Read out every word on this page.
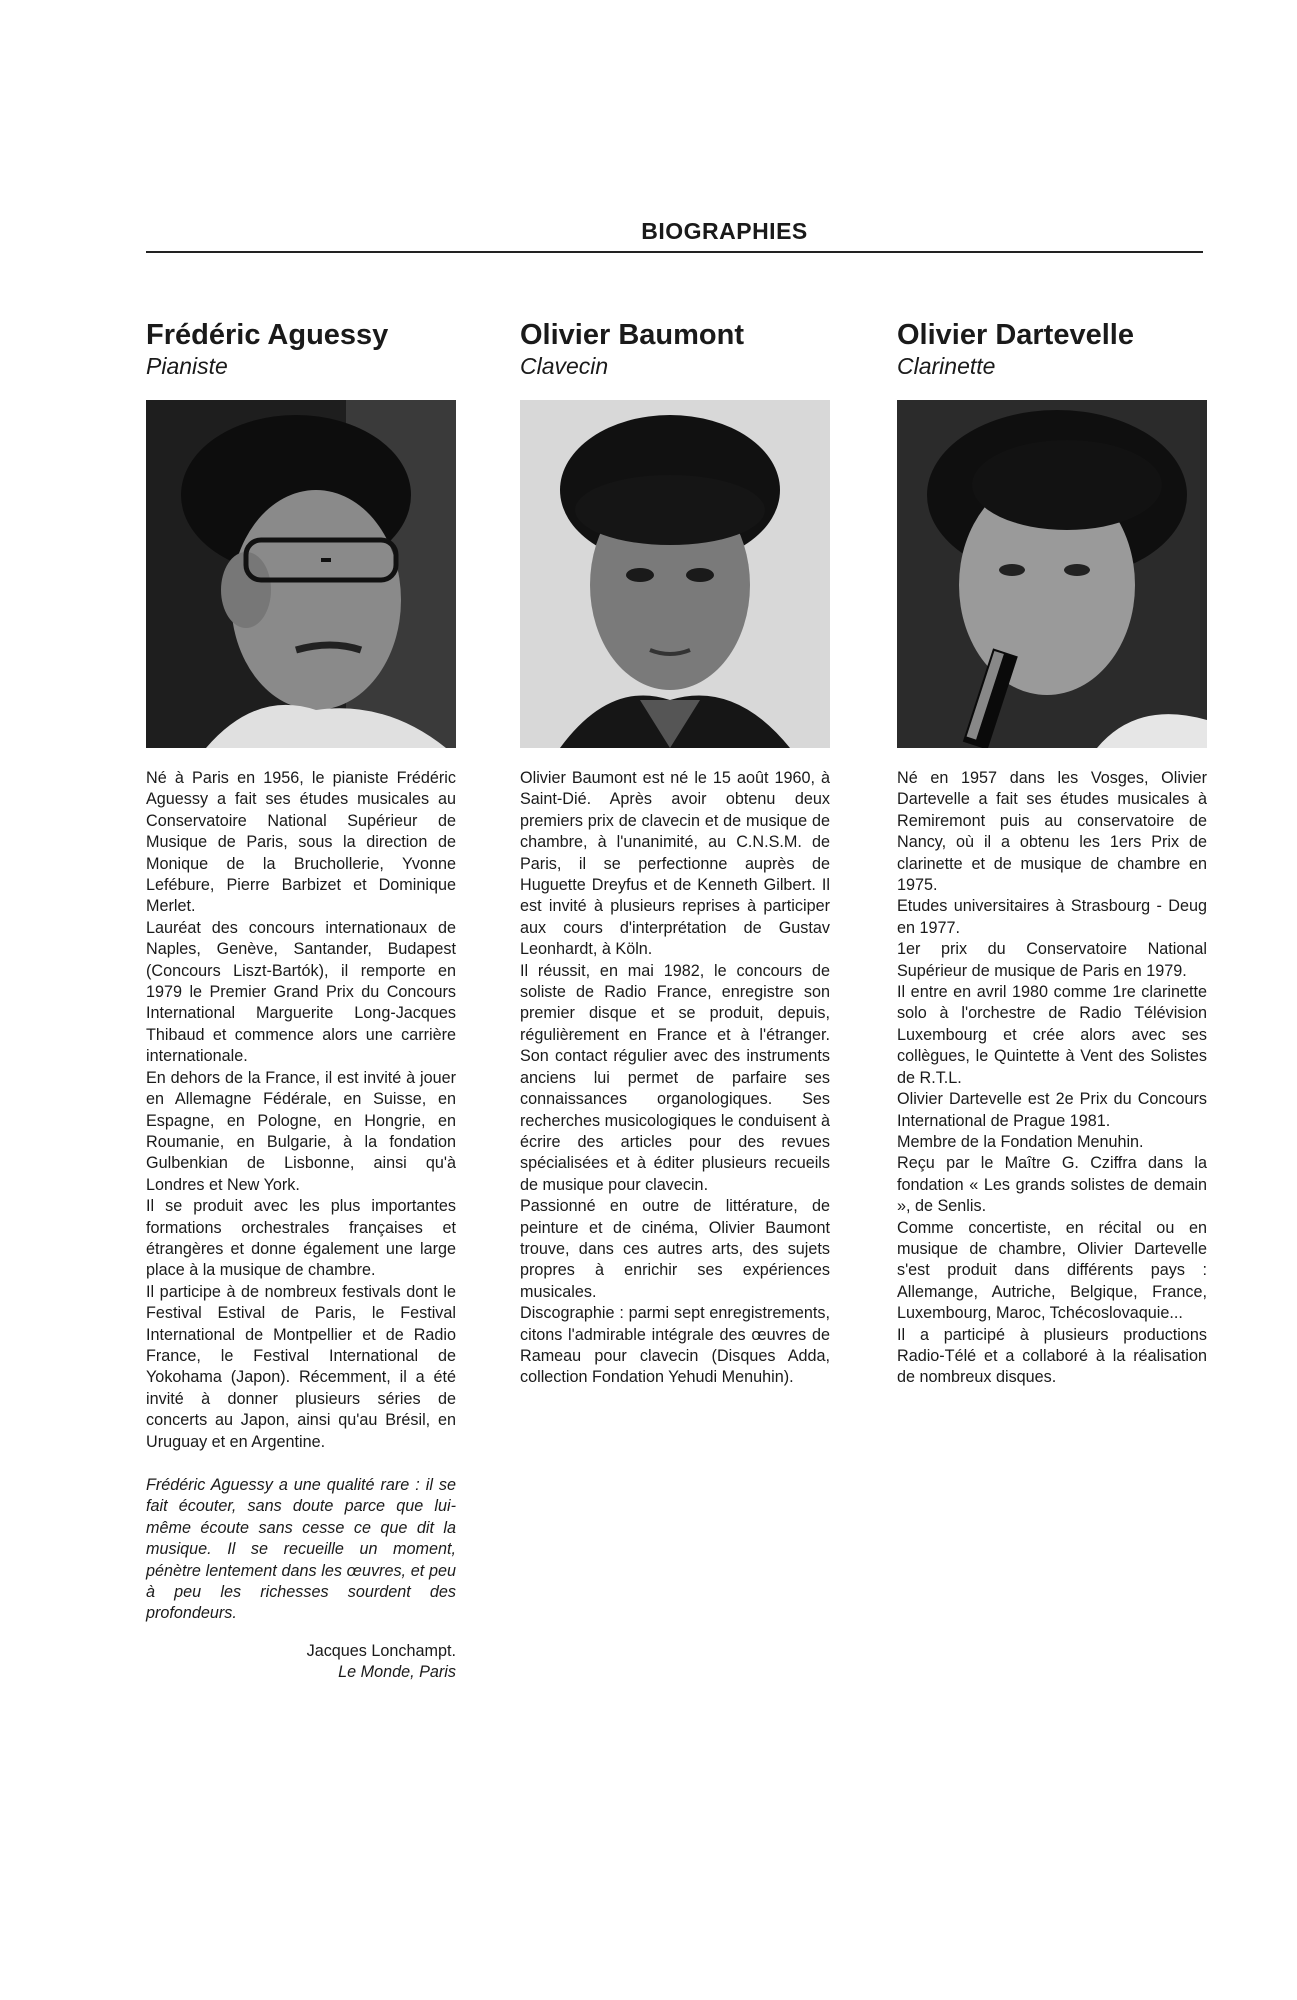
BIOGRAPHIES
Frédéric Aguessy

Pianiste

Né à Paris en 1956, le pianiste Frédéric Aguessy a fait ses études musicales au Conservatoire National Supérieur de Musique de Paris, sous la direction de Monique de la Bruchollerie, Yvonne Lefébure, Pierre Barbizet et Dominique Merlet.

Lauréat des concours internationaux de Naples, Genève, Santander, Budapest (Concours Liszt-Bartók), il remporte en 1979 le Premier Grand Prix du Concours International Marguerite Long-Jacques Thibaud et commence alors une carrière internationale.

En dehors de la France, il est invité à jouer en Allemagne Fédérale, en Suisse, en Espagne, en Pologne, en Hongrie, en Roumanie, en Bulgarie, à la fondation Gulbenkian de Lisbonne, ainsi qu'à Londres et New York.

Il se produit avec les plus importantes formations orchestrales françaises et étrangères et donne également une large place à la musique de chambre.

Il participe à de nombreux festivals dont le Festival Estival de Paris, le Festival International de Montpellier et de Radio France, le Festival International de Yokohama (Japon). Récemment, il a été invité à donner plusieurs séries de concerts au Japon, ainsi qu'au Brésil, en Uruguay et en Argentine.

Frédéric Aguessy a une qualité rare : il se fait écouter, sans doute parce que lui-même écoute sans cesse ce que dit la musique. Il se recueille un moment, pénètre lentement dans les œuvres, et peu à peu les richesses sourdent des profondeurs.

Jacques Lonchampt.
Le Monde, Paris
Olivier Baumont

Clavecin

Olivier Baumont est né le 15 août 1960, à Saint-Dié. Après avoir obtenu deux premiers prix de clavecin et de musique de chambre, à l'unanimité, au C.N.S.M. de Paris, il se perfectionne auprès de Huguette Dreyfus et de Kenneth Gilbert. Il est invité à plusieurs reprises à participer aux cours d'interprétation de Gustav Leonhardt, à Köln.

Il réussit, en mai 1982, le concours de soliste de Radio France, enregistre son premier disque et se produit, depuis, régulièrement en France et à l'étranger. Son contact régulier avec des instruments anciens lui permet de parfaire ses connaissances organologiques. Ses recherches musicologiques le conduisent à écrire des articles pour des revues spécialisées et à éditer plusieurs recueils de musique pour clavecin.

Passionné en outre de littérature, de peinture et de cinéma, Olivier Baumont trouve, dans ces autres arts, des sujets propres à enrichir ses expériences musicales.

Discographie : parmi sept enregistrements, citons l'admirable intégrale des œuvres de Rameau pour clavecin (Disques Adda, collection Fondation Yehudi Menuhin).

Olivier Dartevelle

Clarinette

Né en 1957 dans les Vosges, Olivier Dartevelle a fait ses études musicales à Remiremont puis au conservatoire de Nancy, où il a obtenu les 1ers Prix de clarinette et de musique de chambre en 1975.

Etudes universitaires à Strasbourg - Deug en 1977.

1er prix du Conservatoire National Supérieur de musique de Paris en 1979.

Il entre en avril 1980 comme 1re clarinette solo à l'orchestre de Radio Télévision Luxembourg et crée alors avec ses collègues, le Quintette à Vent des Solistes de R.T.L.

Olivier Dartevelle est 2e Prix du Concours International de Prague 1981.

Membre de la Fondation Menuhin.

Reçu par le Maître G. Cziffra dans la fondation « Les grands solistes de demain », de Senlis.

Comme concertiste, en récital ou en musique de chambre, Olivier Dartevelle s'est produit dans différents pays : Allemange, Autriche, Belgique, France, Luxembourg, Maroc, Tchécoslovaquie...

Il a participé à plusieurs productions Radio-Télé et a collaboré à la réalisation de nombreux disques.
